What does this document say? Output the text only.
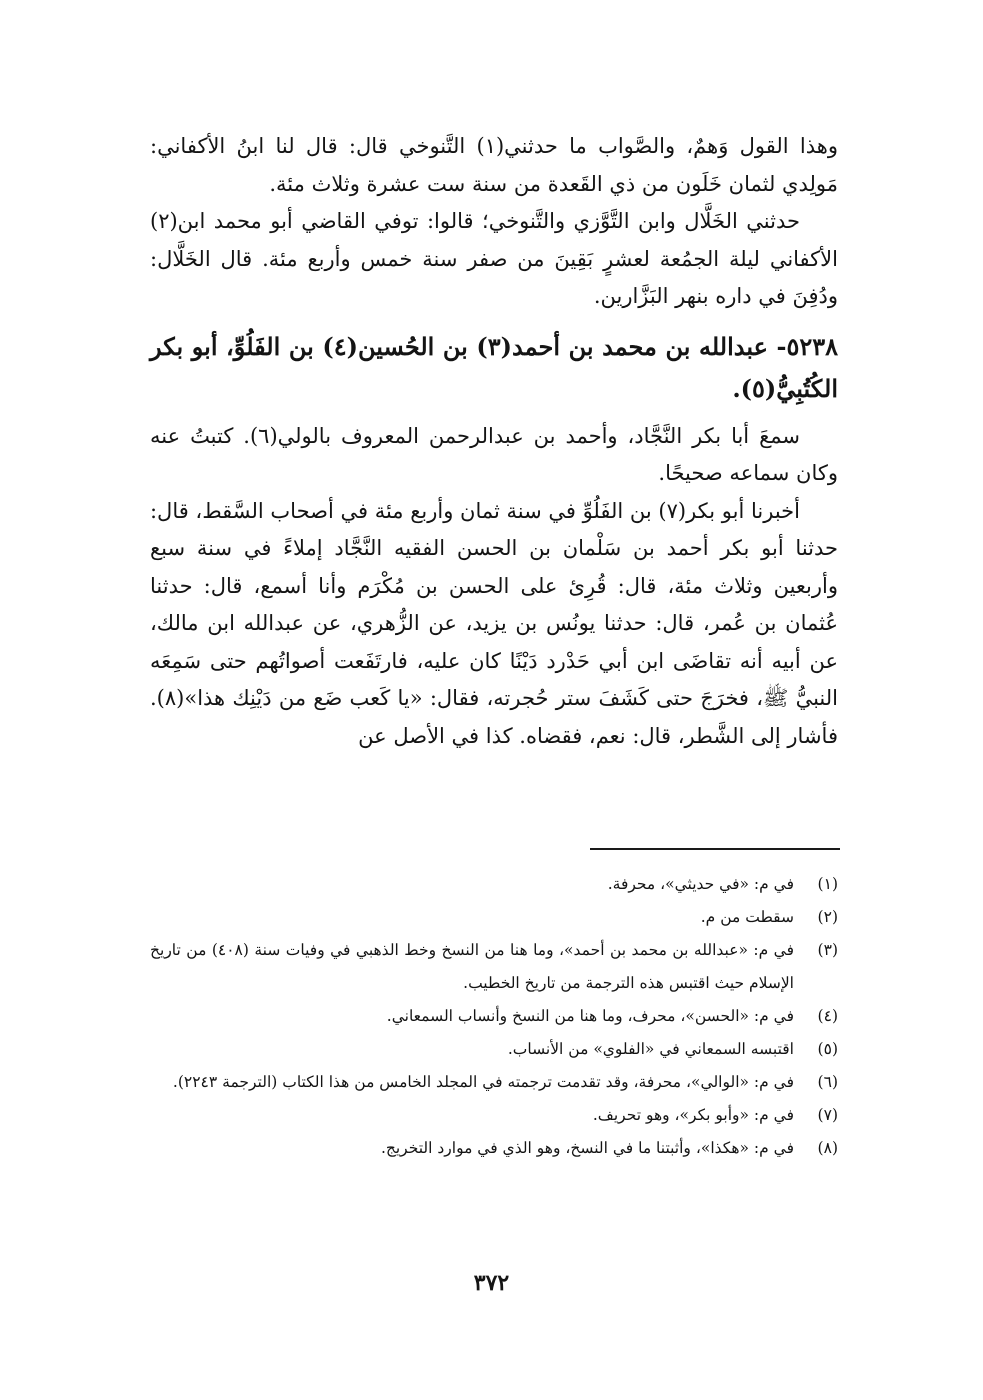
وهذا القول وَهمٌ، والصَّواب ما حدثني(١) التَّنوخي قال: قال لنا ابنُ الأكفاني: مَولِدي لثمان خَلَون من ذي القَعدة من سنة ست عشرة وثلاث مئة.

حدثني الخَلَّال وابن التَّوَّزي والتَّنوخي؛ قالوا: توفي القاضي أبو محمد ابن(٢) الأكفاني ليلة الجمُعة لعشرٍ بَقِينَ من صفر سنة خمس وأربع مئة. قال الخَلَّال: ودُفِنَ في داره بنهر البَزَّارين.

٥٢٣٨- عبدالله بن محمد بن أحمد(٣) بن الحُسين(٤) بن الفَلُوِّ، أبو بكر الكُتُبِيُّ(٥).

سمعَ أبا بكر النَّجَّاد، وأحمد بن عبدالرحمن المعروف بالولي(٦). كتبتُ عنه وكان سماعه صحيحًا.

أخبرنا أبو بكر(٧) بن الفَلُوِّ في سنة ثمان وأربع مئة في أصحاب السَّقط، قال: حدثنا أبو بكر أحمد بن سَلْمان بن الحسن الفقيه النَّجَّاد إملاءً في سنة سبع وأربعين وثلاث مئة، قال: قُرِئ على الحسن بن مُكْرَم وأنا أسمع، قال: حدثنا عُثمان بن عُمر، قال: حدثنا يونُس بن يزيد، عن الزُّهري، عن عبدالله ابن مالك، عن أبيه أنه تقاضَى ابن أبي حَدْرد دَيْنًا كان عليه، فارتَفَعت أصواتُهم حتى سَمِعَه النبيُّ ﷺ، فخرَجَ حتى كَشَفَ ستر حُجرته، فقال: «يا كَعب ضَع من دَيْنِك هذا»(٨). فأشار إلى الشَّطر، قال: نعم، فقضاه. كذا في الأصل عن

(١)
في م: «في حديثي»، محرفة.
(٢)
سقطت من م.
(٣)
في م: «عبدالله بن محمد بن أحمد»، وما هنا من النسخ وخط الذهبي في وفيات سنة (٤٠٨) من تاريخ الإسلام حيث اقتبس هذه الترجمة من تاريخ الخطيب.
(٤)
في م: «الحسن»، محرف، وما هنا من النسخ وأنساب السمعاني.
(٥)
اقتبسه السمعاني في «الفلوي» من الأنساب.
(٦)
في م: «الوالي»، محرفة، وقد تقدمت ترجمته في المجلد الخامس من هذا الكتاب (الترجمة ٢٢٤٣).
(٧)
في م: «وأبو بكر»، وهو تحريف.
(٨)
في م: «هكذا»، وأثبتنا ما في النسخ، وهو الذي في موارد التخريج.
٣٧٢
